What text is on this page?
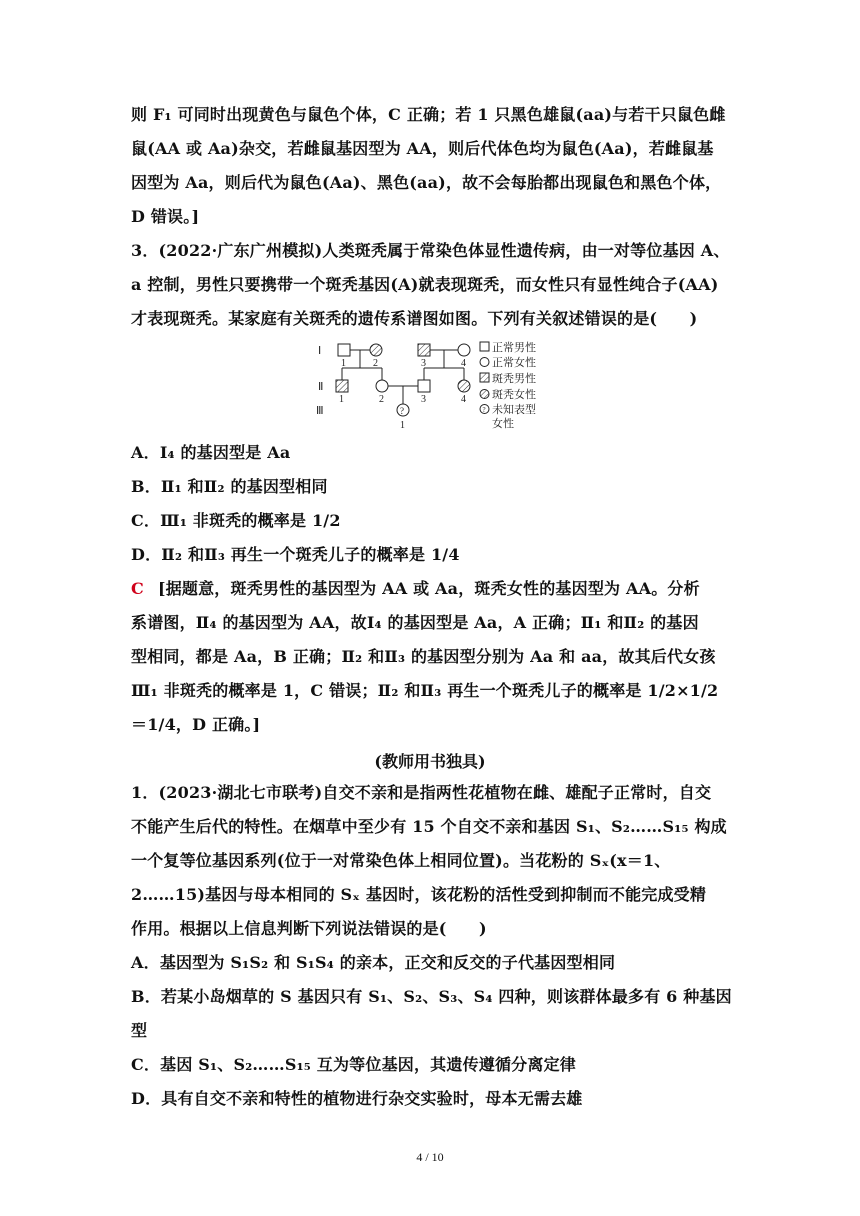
则 F₁ 可同时出现黄色与鼠色个体，C 正确；若 1 只黑色雄鼠(aa)与若干只鼠色雌
鼠(AA 或 Aa)杂交，若雌鼠基因型为 AA，则后代体色均为鼠色(Aa)，若雌鼠基
因型为 Aa，则后代为鼠色(Aa)、黑色(aa)，故不会每胎都出现鼠色和黑色个体，
D 错误。]
3．(2022·广东广州模拟)人类斑秃属于常染色体显性遗传病，由一对等位基因 A、
a 控制，男性只要携带一个斑秃基因(A)就表现斑秃，而女性只有显性纯合子(AA)
才表现斑秃。某家庭有关斑秃的遗传系谱图如图。下列有关叙述错误的是(　　)
Ⅰ
Ⅱ
Ⅲ
1	2	3	4
1	2	3	4
?
1
?
正常男性
正常女性
斑秃男性
斑秃女性
未知表型
女性
A．Ⅰ₄ 的基因型是 Aa
B．Ⅱ₁ 和Ⅱ₂ 的基因型相同
C．Ⅲ₁ 非斑秃的概率是 1/2
D．Ⅱ₂ 和Ⅱ₃ 再生一个斑秃儿子的概率是 1/4
C [据题意，斑秃男性的基因型为 AA 或 Aa，斑秃女性的基因型为 AA。分析
系谱图，Ⅱ₄ 的基因型为 AA，故Ⅰ₄ 的基因型是 Aa，A 正确；Ⅱ₁ 和Ⅱ₂ 的基因
型相同，都是 Aa，B 正确；Ⅱ₂ 和Ⅱ₃ 的基因型分别为 Aa 和 aa，故其后代女孩
Ⅲ₁ 非斑秃的概率是 1，C 错误；Ⅱ₂ 和Ⅱ₃ 再生一个斑秃儿子的概率是 1/2×1/2
＝1/4，D 正确。]
(教师用书独具)
1．(2023·湖北七市联考)自交不亲和是指两性花植物在雌、雄配子正常时，自交
不能产生后代的特性。在烟草中至少有 15 个自交不亲和基因 S₁、S₂……S₁₅ 构成
一个复等位基因系列(位于一对常染色体上相同位置)。当花粉的 Sₓ(x＝1、
2……15)基因与母本相同的 Sₓ 基因时，该花粉的活性受到抑制而不能完成受精
作用。根据以上信息判断下列说法错误的是(　　)
A．基因型为 S₁S₂ 和 S₁S₄ 的亲本，正交和反交的子代基因型相同
B．若某小岛烟草的 S 基因只有 S₁、S₂、S₃、S₄ 四种，则该群体最多有 6 种基因
型
C．基因 S₁、S₂……S₁₅ 互为等位基因，其遗传遵循分离定律
D．具有自交不亲和特性的植物进行杂交实验时，母本无需去雄
4 / 10
